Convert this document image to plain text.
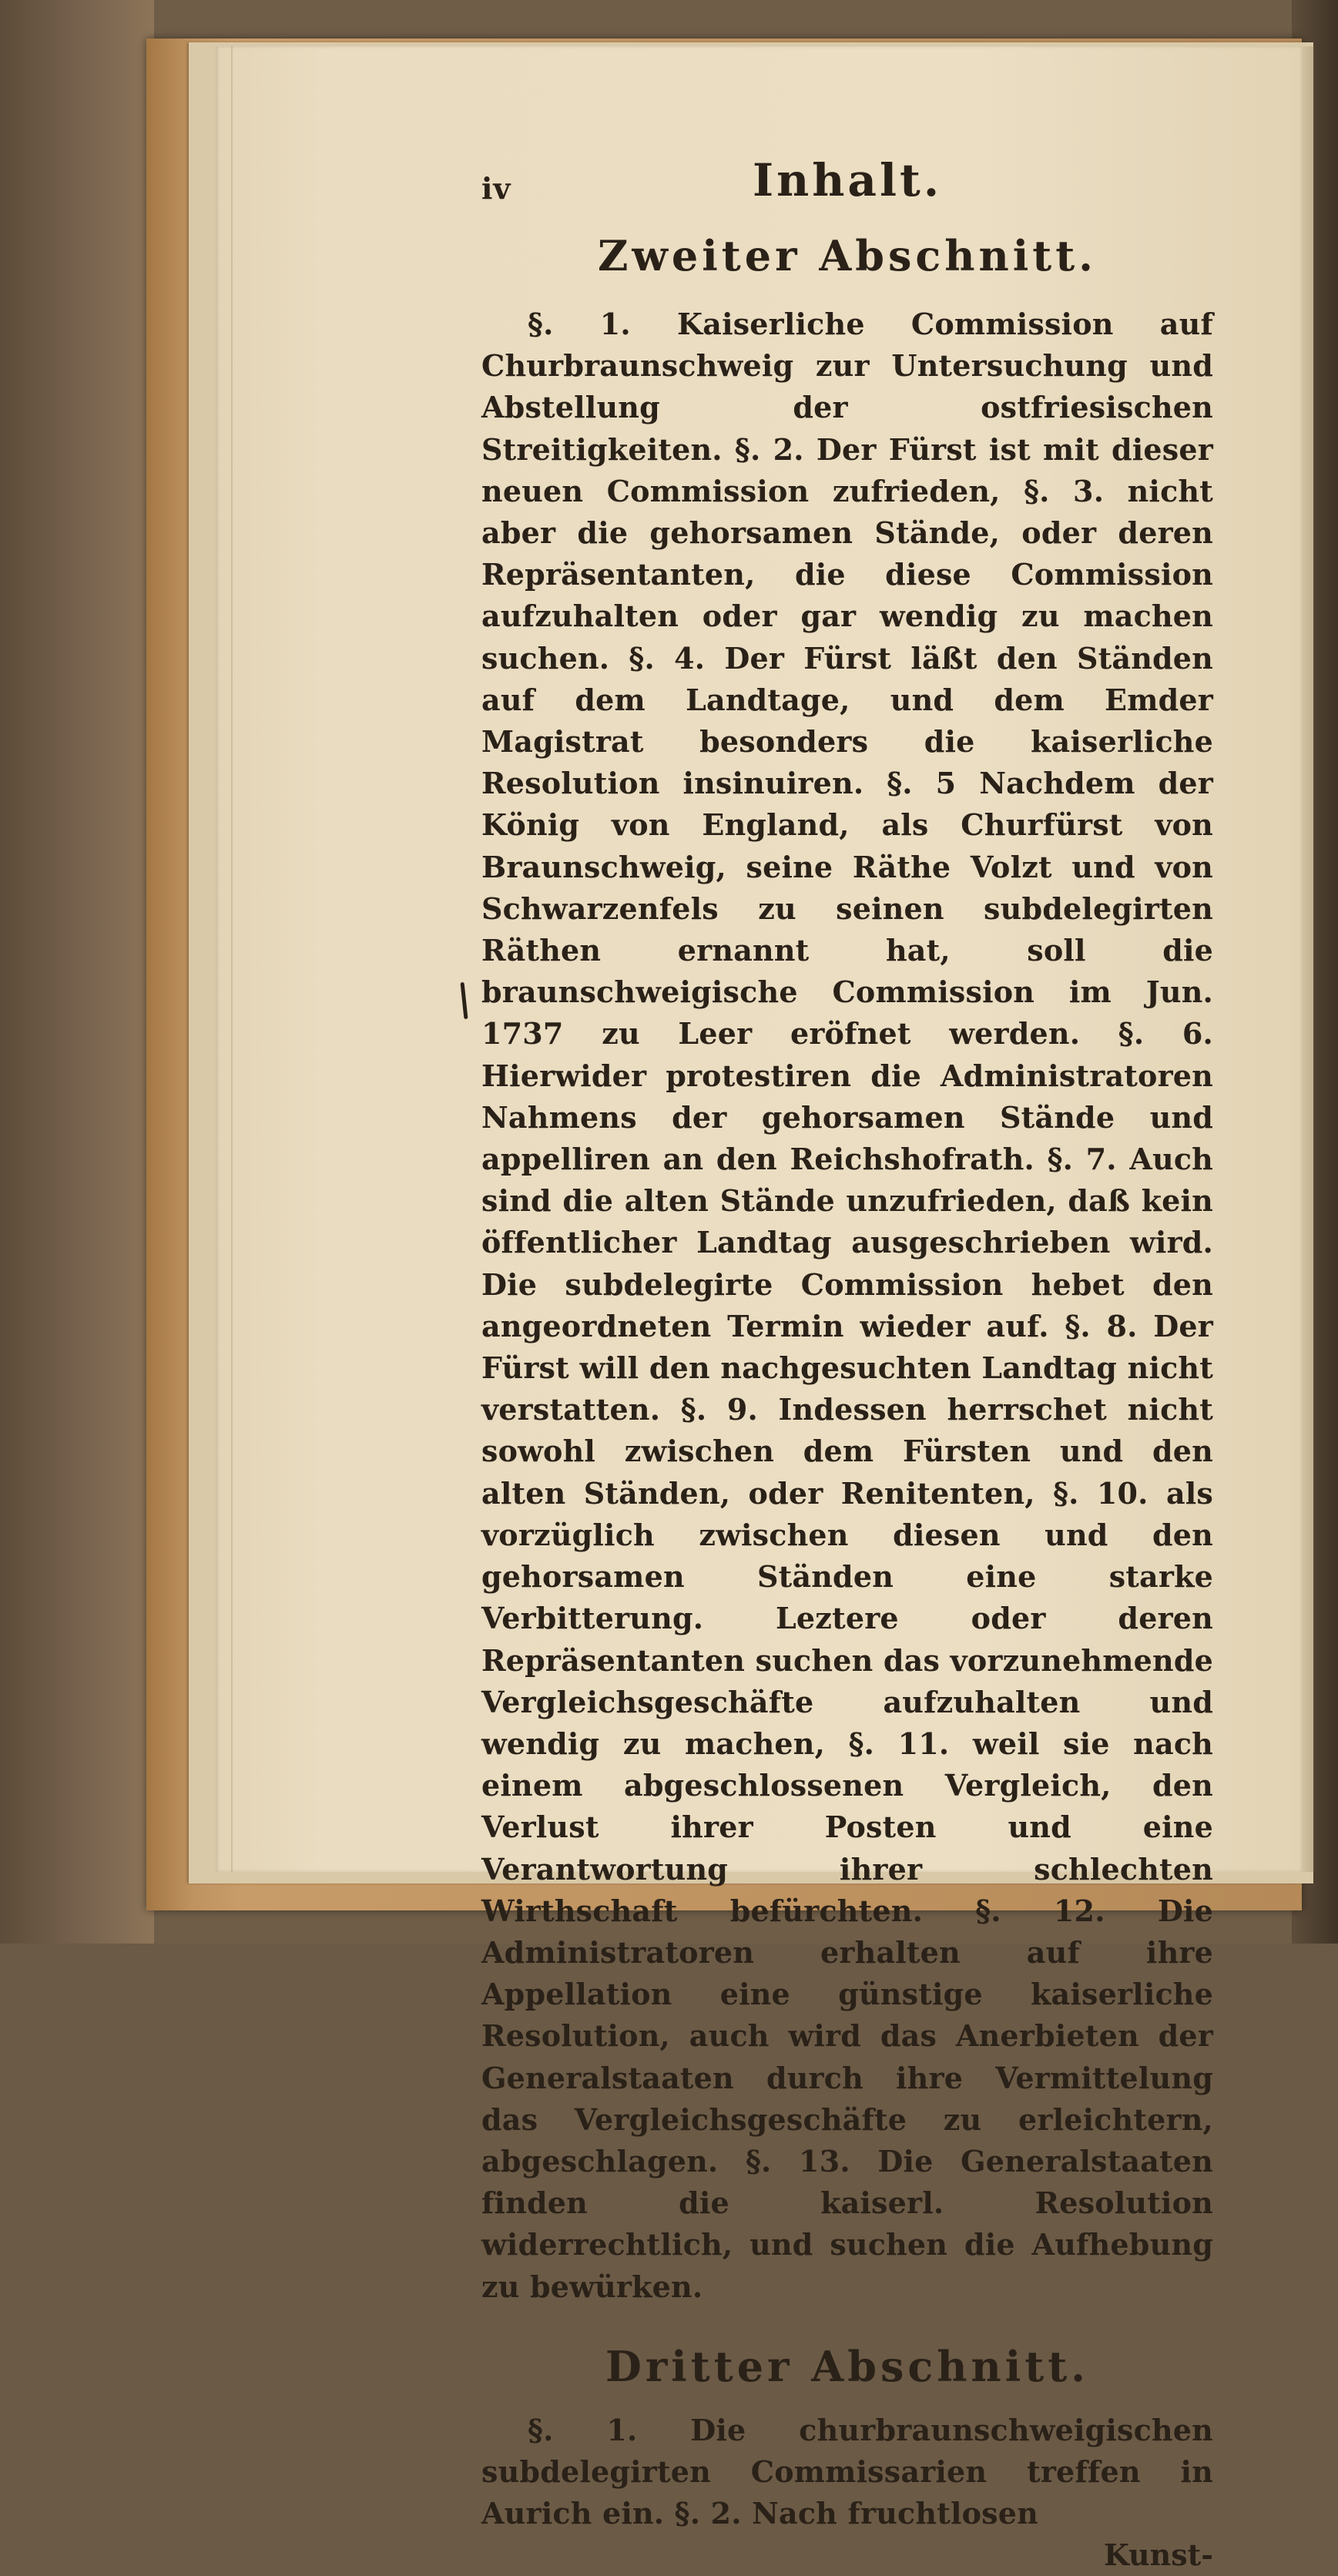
iv	Inhalt.
Zweiter Abschnitt.

§. 1. Kaiserliche Commission auf Churbraunschweig zur Untersuchung und Abstellung der ostfriesischen Streitigkeiten. §. 2. Der Fürst ist mit dieser neuen Commission zufrieden, §. 3. nicht aber die gehorsamen Stände, oder deren Repräsentanten, die diese Commission aufzuhalten oder gar wendig zu machen suchen. §. 4. Der Fürst läßt den Ständen auf dem Landtage, und dem Emder Magistrat besonders die kaiserliche Resolution insinuiren. §. 5 Nachdem der König von England, als Churfürst von Braunschweig, seine Räthe Volzt und von Schwarzenfels zu seinen subdelegirten Räthen ernannt hat, soll die braunschweigische Commission im Jun. 1737 zu Leer eröfnet werden. §. 6. Hierwider protestiren die Administratoren Nahmens der gehorsamen Stände und appelliren an den Reichshofrath. §. 7. Auch sind die alten Stände unzufrieden, daß kein öffentlicher Landtag ausgeschrieben wird. Die subdelegirte Commission hebet den angeordneten Termin wieder auf. §. 8. Der Fürst will den nachgesuchten Landtag nicht verstatten. §. 9. Indessen herrschet nicht sowohl zwischen dem Fürsten und den alten Ständen, oder Renitenten, §. 10. als vorzüglich zwischen diesen und den gehorsamen Ständen eine starke Verbitterung. Leztere oder deren Repräsentanten suchen das vorzunehmende Vergleichsgeschäfte aufzuhalten und wendig zu machen, §. 11. weil sie nach einem abgeschlossenen Vergleich, den Verlust ihrer Posten und eine Verantwortung ihrer schlechten Wirthschaft befürchten. §. 12. Die Administratoren erhalten auf ihre Appellation eine günstige kaiserliche Resolution, auch wird das Anerbieten der Generalstaaten durch ihre Vermittelung das Vergleichsgeschäfte zu erleichtern, abgeschlagen. §. 13. Die Generalstaaten finden die kaiserl. Resolution widerrechtlich, und suchen die Aufhebung zu bewürken.

Dritter Abschnitt.

§. 1. Die churbraunschweigischen subdelegirten Commissarien treffen in Aurich ein. §. 2. Nach fruchtlosen

Kunst-
